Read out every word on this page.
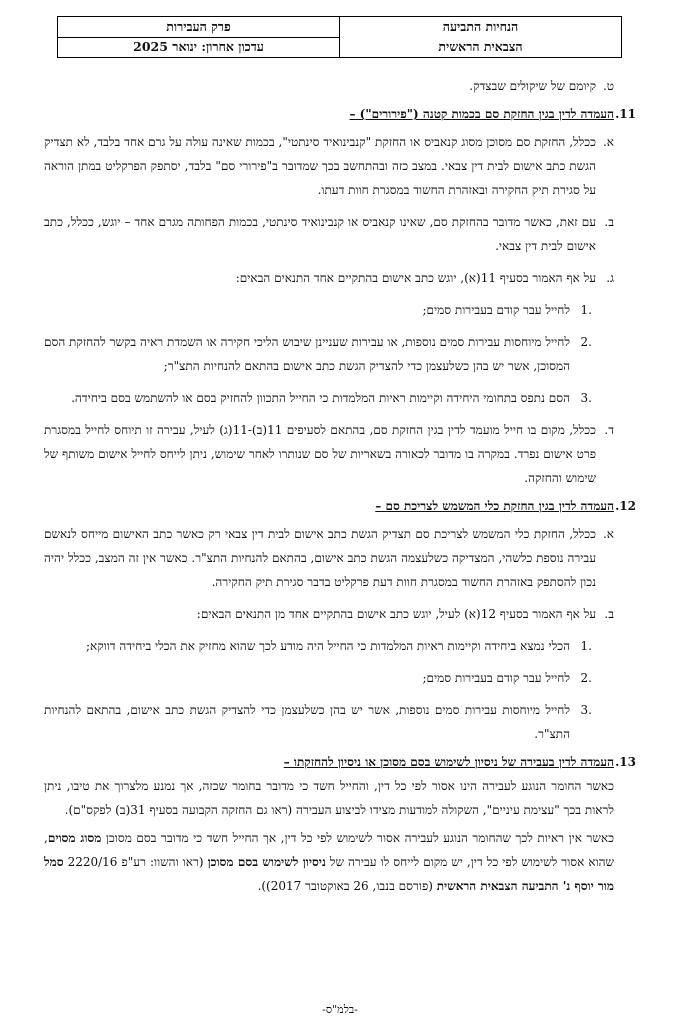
הנחיות התביעה
הצבאית הראשית
פרק העבירות
עדכון אחרון: ינואר 2025
ט.
קיומם של שיקולים שבצדק.
11.
העמדה לדין בגין החזקת סם בכמות קטנה ("פירורים") –
א.
ככלל, החזקת סם מסוכן מסוג קנאביס או החזקת "קנבינואיד סינתטי", בכמות שאינה עולה על גרם אחד בלבד, לא תצדיק הגשת כתב אישום לבית דין צבאי. במצב כזה ובהתחשב בכך שמדובר ב"פירורי סם" בלבד, יסתפק הפרקליט במתן הוראה על סגירת תיק החקירה ובאזהרת החשוד במסגרת חוות דעתו.
ב.
עם זאת, כאשר מדובר בהחזקת סם, שאינו קנאביס או קנבינואיד סינתטי, בכמות הפחותה מגרם אחד – יוגש, ככלל, כתב אישום לבית דין צבאי.
ג.
על אף האמור בסעיף 11(א), יוגש כתב אישום בהתקיים אחד התנאים הבאים:
.1
לחייל עבר קודם בעבירות סמים;
.2
לחייל מיוחסות עבירות סמים נוספות, או עבירות שעניינן שיבוש הליכי חקירה או השמדת ראיה בקשר להחזקת הסם המסוכן, אשר יש בהן כשלעצמן כדי להצדיק הגשת כתב אישום בהתאם להנחיות התצ"ר;
.3
הסם נתפס בתחומי היחידה וקיימות ראיות המלמדות כי החייל התכוון להחזיק בסם או להשתמש בסם ביחידה.
ד.
ככלל, מקום בו חייל מועמד לדין בגין החזקת סם, בהתאם לסעיפים 11(ב)-11(ג) לעיל, עבירה זו תיוחס לחייל במסגרת פרט אישום נפרד. במקרה בו מדובר לכאורה בשאריות של סם שנותרו לאחר שימוש, ניתן לייחס לחייל אישום משותף של שימוש והחזקה.
12.
העמדה לדין בגין החזקת כלי המשמש לצריכת סם –
א.
ככלל, החזקת כלי המשמש לצריכת סם תצדיק הגשת כתב אישום לבית דין צבאי רק כאשר כתב האישום מייחס לנאשם עבירה נוספת כלשהי, המצדיקה כשלעצמה הגשת כתב אישום, בהתאם להנחיות התצ"ר. כאשר אין זה המצב, ככלל יהיה נכון להסתפק באזהרת החשוד במסגרת חוות דעת פרקליט בדבר סגירת תיק החקירה.
ב.
על אף האמור בסעיף 12(א) לעיל, יוגש כתב אישום בהתקיים אחד מן התנאים הבאים:
.1
הכלי נמצא ביחידה וקיימות ראיות המלמדות כי החייל היה מודע לכך שהוא מחזיק את הכלי ביחידה דווקא;
.2
לחייל עבר קודם בעבירות סמים;
.3
לחייל מיוחסות עבירות סמים נוספות, אשר יש בהן כשלעצמן כדי להצדיק הגשת כתב אישום, בהתאם להנחיות התצ"ר.
13.
העמדה לדין בעבירה של ניסיון לשימוש בסם מסוכן או ניסיון להחזקתו –
כאשר החומר הנוגע לעבירה הינו אסור לפי כל דין, והחייל חשד כי מדובר בחומר שכזה, אך נמנע מלצרוך את טיבו, ניתן לראות בכך "עצימת עיניים", השקולה למודעות מצידו לביצוע העבירה (ראו גם החזקה הקבועה בסעיף 31(ב) לפקס"ם).
כאשר אין ראיות לכך שהחומר הנוגע לעבירה אסור לשימוש לפי כל דין, אך החייל חשד כי מדובר בסם מסוכן מסוג מסוים, שהוא אסור לשימוש לפי כל דין, יש מקום לייחס לו עבירה של ניסיון לשימוש בסם מסוכן (ראו והשוו: רע"פ 2220/16 סמל מור יוסף נ' התביעה הצבאית הראשית (פורסם בנבו, 26 באוקטובר 2017)).
-בלמ"ס-
